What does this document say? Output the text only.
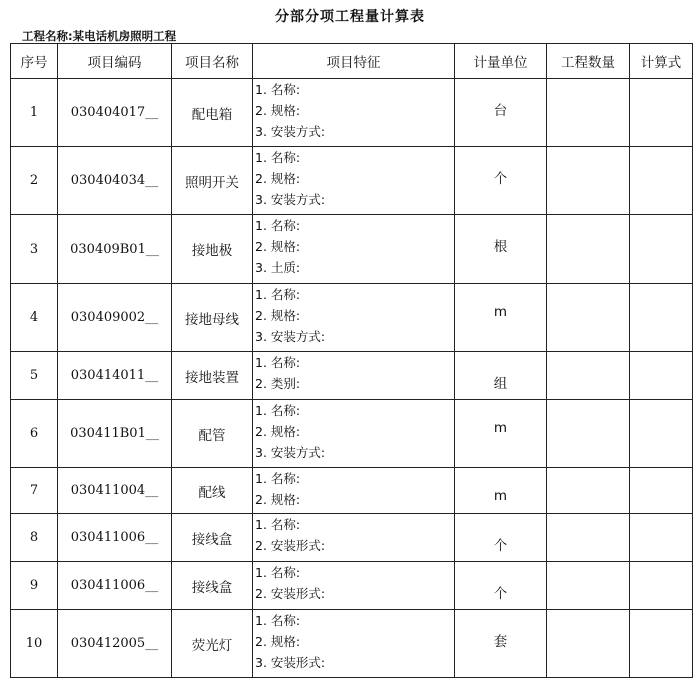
分部分项工程量计算表
工程名称:某电话机房照明工程
序号	项目编码	项目名称	项目特征	计量单位	工程数量	计算式
1	030404017__	配电箱	1. 名称:
2. 规格:
3. 安装方式:	台		
2	030404034__	照明开关	1. 名称:
2. 规格:
3. 安装方式:	个		
3	030409B01__	接地极	1. 名称:
2. 规格:
3. 土质:	根		
4	030409002__	接地母线	1. 名称:
2. 规格:
3. 安装方式:	m		
5	030414011__	接地装置	1. 名称:
2. 类别:	组		
6	030411B01__	配管	1. 名称:
2. 规格:
3. 安装方式:	m		
7	030411004__	配线	1. 名称:
2. 规格:	m		
8	030411006__	接线盒	1. 名称:
2. 安装形式:	个		
9	030411006__	接线盒	1. 名称:
2. 安装形式:	个		
10	030412005__	荧光灯	1. 名称:
2. 规格:
3. 安装形式:	套		
